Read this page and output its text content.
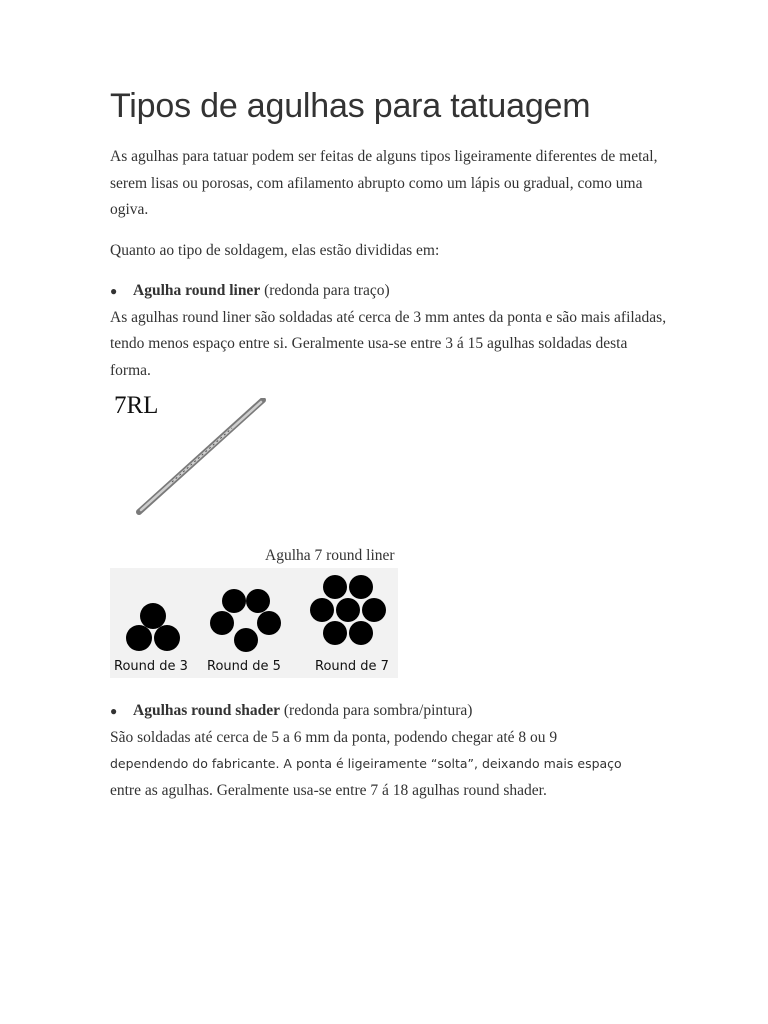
Tipos de agulhas para tatuagem

As agulhas para tatuar podem ser feitas de alguns tipos ligeiramente diferentes de metal, serem lisas ou porosas, com afilamento abrupto como um lápis ou gradual, como uma ogiva.

Quanto ao tipo de soldagem, elas estão divididas em:

● Agulha round liner (redonda para traço)

As agulhas round liner são soldadas até cerca de 3 mm antes da ponta e são mais afiladas, tendo menos espaço entre si. Geralmente usa-se entre 3 á 15 agulhas soldadas desta forma.

7RL

Agulha 7 round liner

Round de 3 Round de 5	Round de 7
● Agulhas round shader (redonda para sombra/pintura)

São soldadas até cerca de 5 a 6 mm da ponta, podendo chegar até 8 ou 9

dependendo do fabricante. A ponta é ligeiramente “solta”, deixando mais espaço

entre as agulhas. Geralmente usa-se entre 7 á 18 agulhas round shader.
